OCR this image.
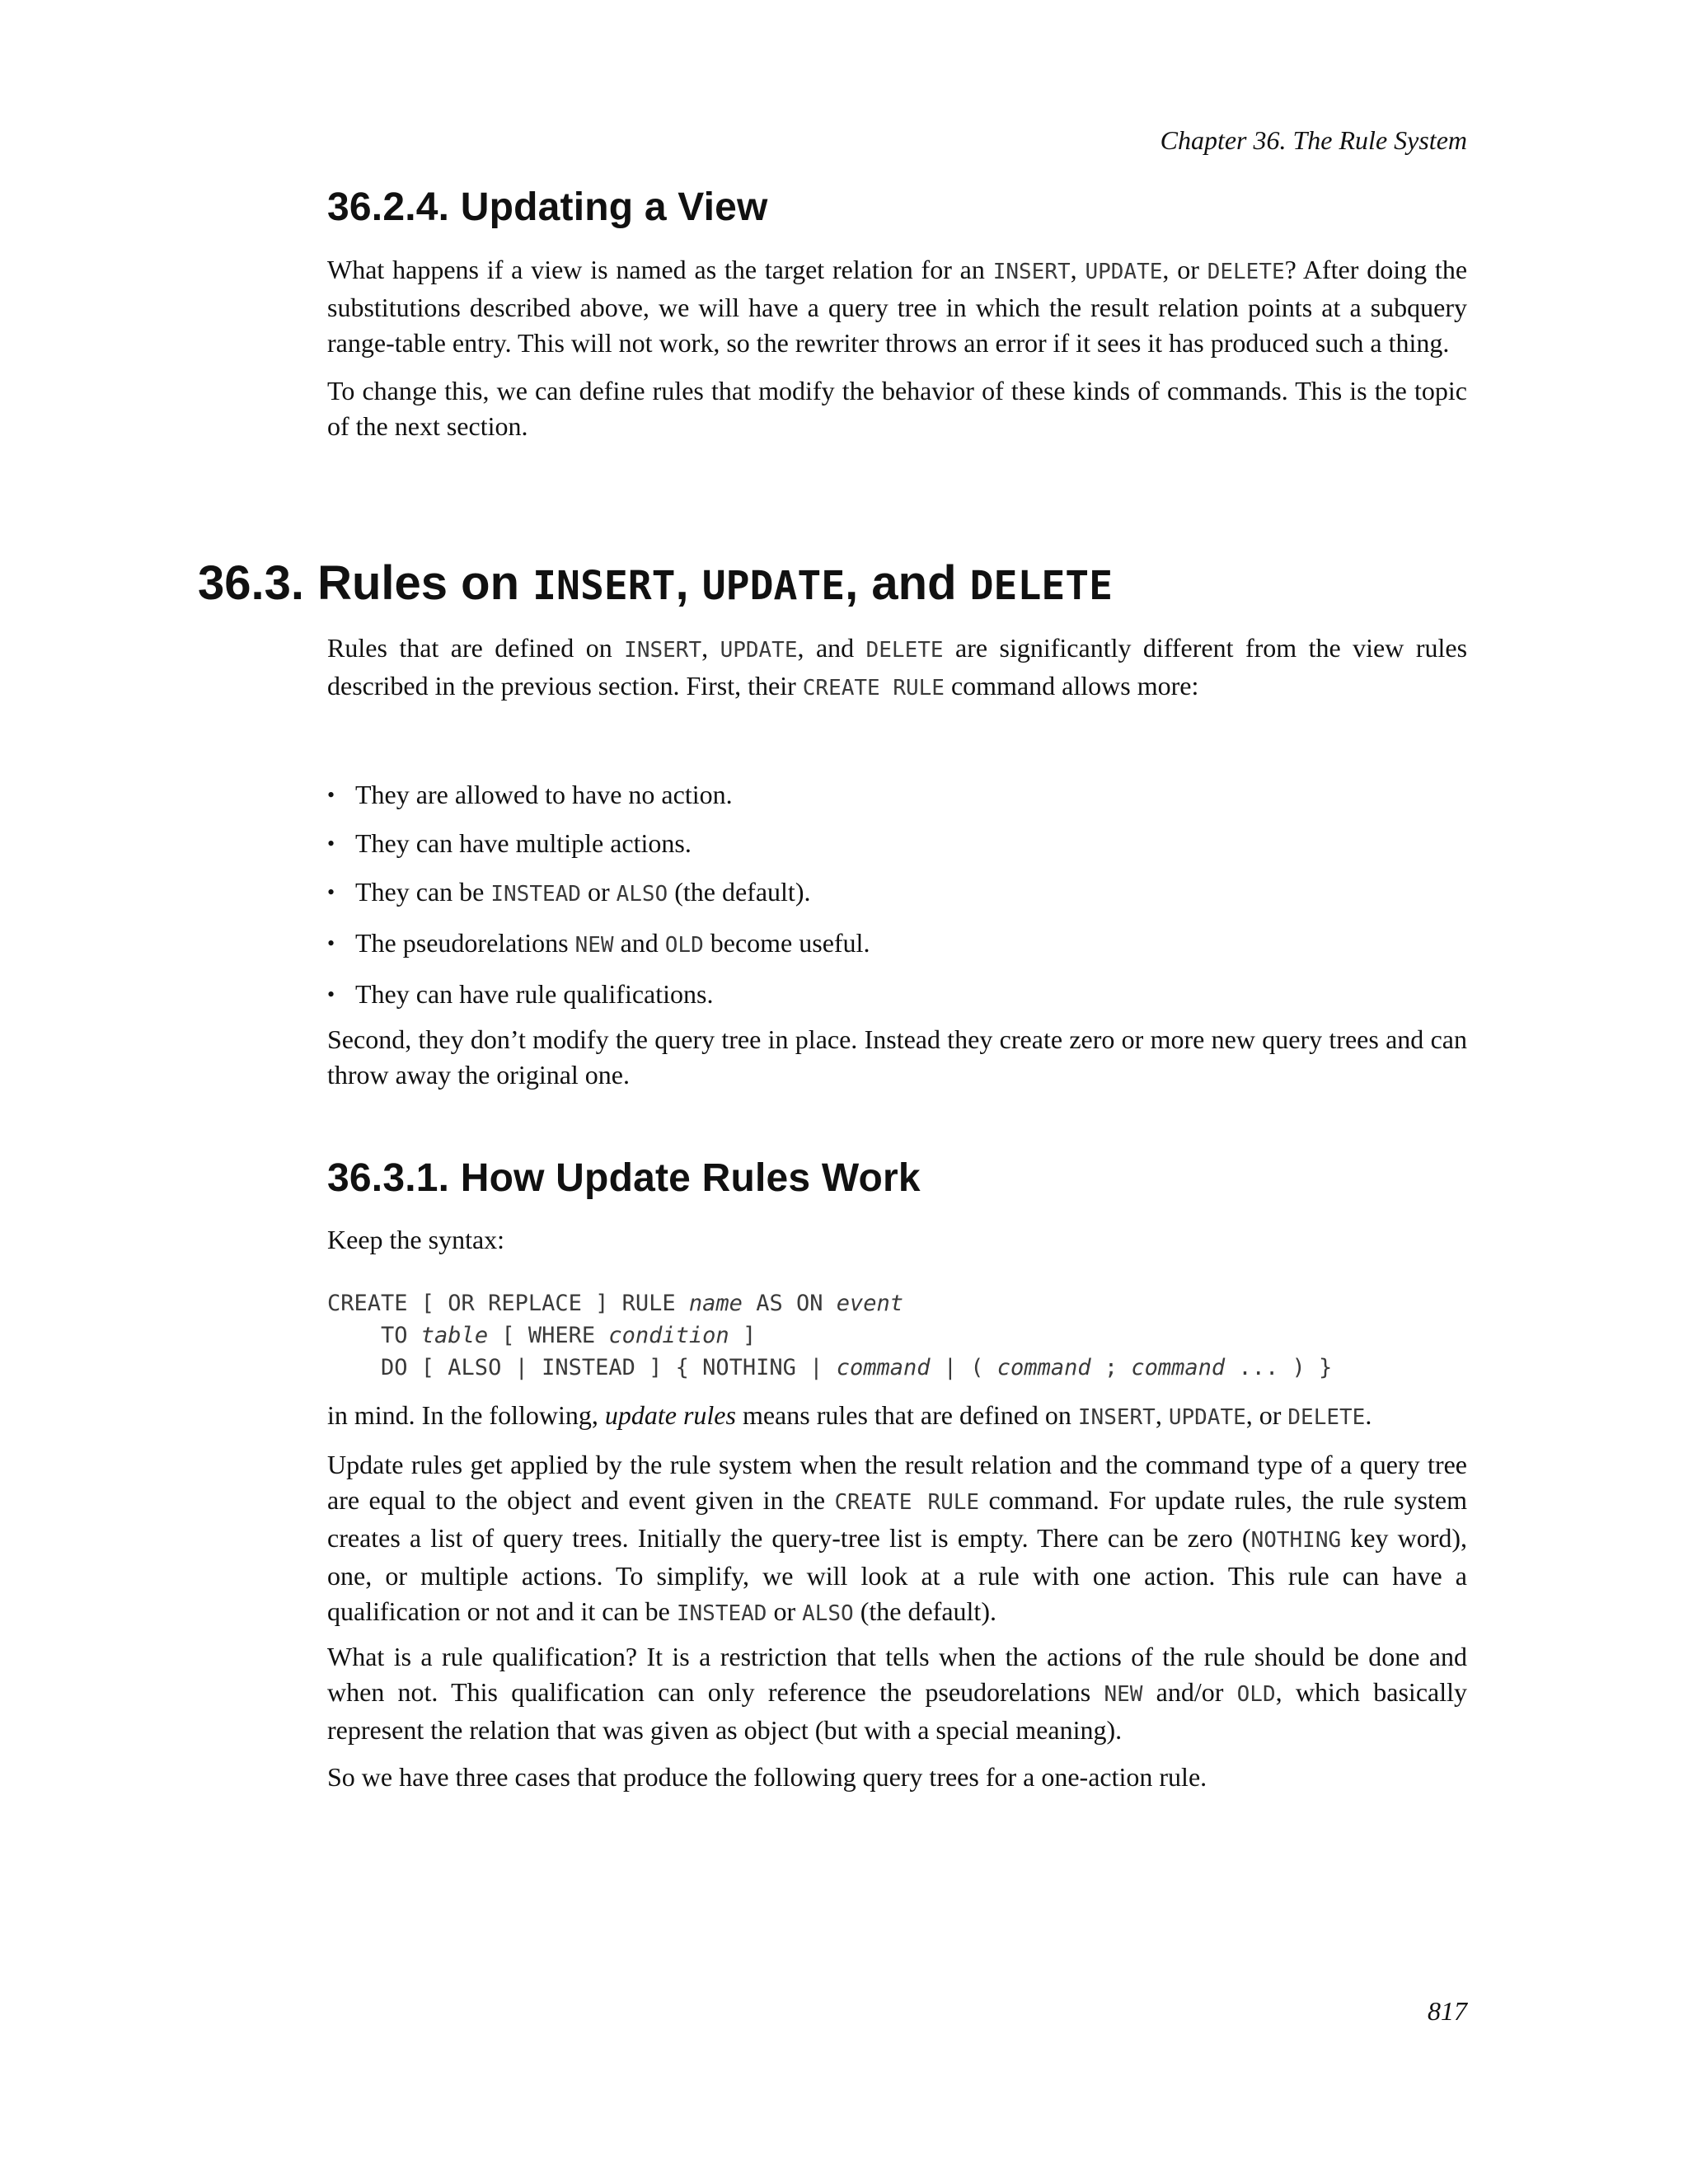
Chapter 36. The Rule System
36.2.4. Updating a View

What happens if a view is named as the target relation for an INSERT, UPDATE, or DELETE? After doing the substitutions described above, we will have a query tree in which the result relation points at a subquery range-table entry. This will not work, so the rewriter throws an error if it sees it has produced such a thing.

To change this, we can define rules that modify the behavior of these kinds of commands. This is the topic of the next section.

36.3. Rules on INSERT, UPDATE, and DELETE

Rules that are defined on INSERT, UPDATE, and DELETE are significantly different from the view rules described in the previous section. First, their CREATE RULE command allows more:

• They are allowed to have no action.
• They can have multiple actions.
• They can be INSTEAD or ALSO (the default).
• The pseudorelations NEW and OLD become useful.
• They can have rule qualifications.

Second, they don’t modify the query tree in place. Instead they create zero or more new query trees and can throw away the original one.

36.3.1. How Update Rules Work

Keep the syntax:

CREATE [ OR REPLACE ] RULE name AS ON event
TO table [ WHERE condition ]
DO [ ALSO | INSTEAD ] { NOTHING | command | ( command ; command ... ) }

in mind. In the following, update rules means rules that are defined on INSERT, UPDATE, or DELETE.

Update rules get applied by the rule system when the result relation and the command type of a query tree are equal to the object and event given in the CREATE RULE command. For update rules, the rule system creates a list of query trees. Initially the query-tree list is empty. There can be zero (NOTHING key word), one, or multiple actions. To simplify, we will look at a rule with one action. This rule can have a qualification or not and it can be INSTEAD or ALSO (the default).

What is a rule qualification? It is a restriction that tells when the actions of the rule should be done and when not. This qualification can only reference the pseudorelations NEW and/or OLD, which basically represent the relation that was given as object (but with a special meaning).

So we have three cases that produce the following query trees for a one-action rule.

817
